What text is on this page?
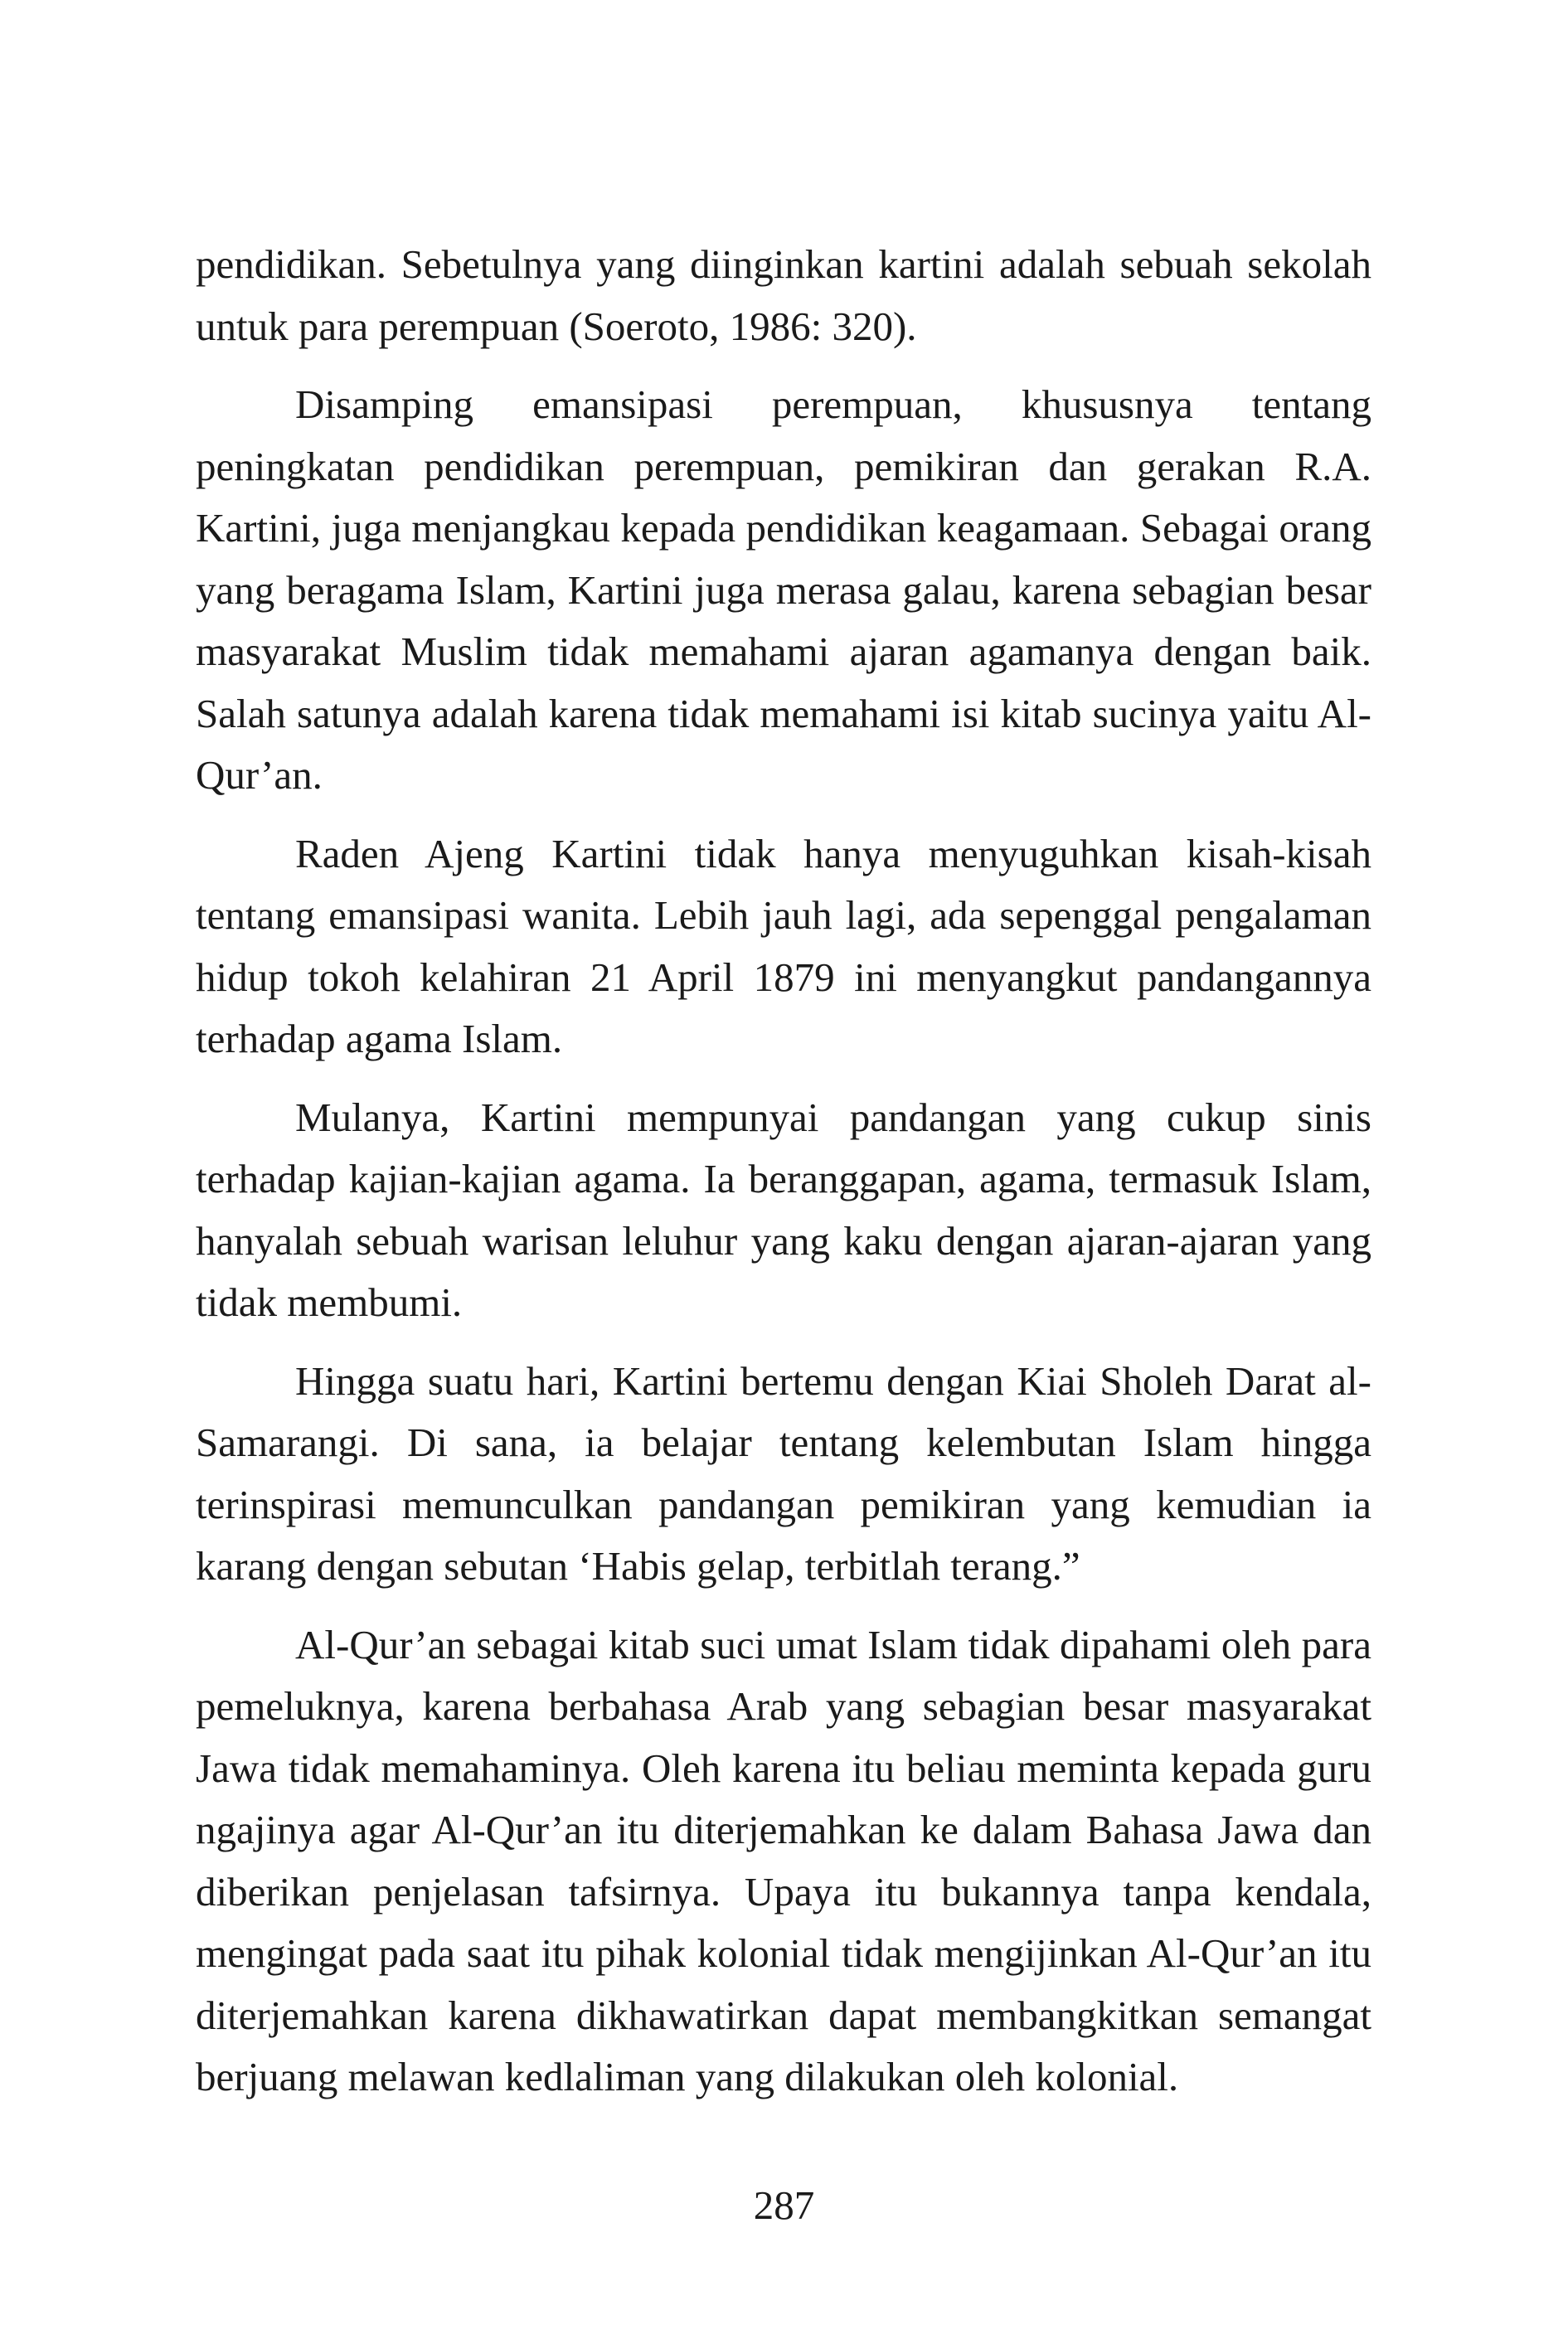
pendidikan. Sebetulnya yang diinginkan kartini adalah sebuah sekolah untuk para perempuan (Soeroto, 1986: 320).

Disamping emansipasi perempuan, khususnya tentang peningkatan pendidikan perempuan, pemikiran dan gerakan R.A. Kartini, juga menjangkau kepada pendidikan keagamaan. Sebagai orang yang beragama Islam, Kartini juga merasa galau, karena sebagian besar masyarakat Muslim tidak memahami ajaran agamanya dengan baik. Salah satunya adalah karena tidak memahami isi kitab sucinya yaitu Al-Qur’an.

Raden Ajeng Kartini tidak hanya menyuguhkan kisah-kisah tentang emansipasi wanita. Lebih jauh lagi, ada sepenggal pengalaman hidup tokoh kelahiran 21 April 1879 ini menyangkut pandangannya terhadap agama Islam.

Mulanya, Kartini mempunyai pandangan yang cukup sinis terhadap kajian-kajian agama. Ia beranggapan, agama, termasuk Islam, hanyalah sebuah warisan leluhur yang kaku dengan ajaran-ajaran yang tidak membumi.

Hingga suatu hari, Kartini bertemu dengan Kiai Sholeh Darat al-Samarangi. Di sana, ia belajar tentang kelembutan Islam hingga terinspirasi memunculkan pandangan pemikiran yang kemudian ia karang dengan sebutan ‘Habis gelap, terbitlah terang.”

Al-Qur’an sebagai kitab suci umat Islam tidak dipahami oleh para pemeluknya, karena berbahasa Arab yang sebagian besar masyarakat Jawa tidak memahaminya. Oleh karena itu beliau meminta kepada guru ngajinya agar Al-Qur’an itu diterjemahkan ke dalam Bahasa Jawa dan diberikan penjelasan tafsirnya. Upaya itu bukannya tanpa kendala, mengingat pada saat itu pihak kolonial tidak mengijinkan Al-Qur’an itu diterjemahkan karena dikhawatirkan dapat membangkitkan semangat berjuang melawan kedlaliman yang dilakukan oleh kolonial.

287
